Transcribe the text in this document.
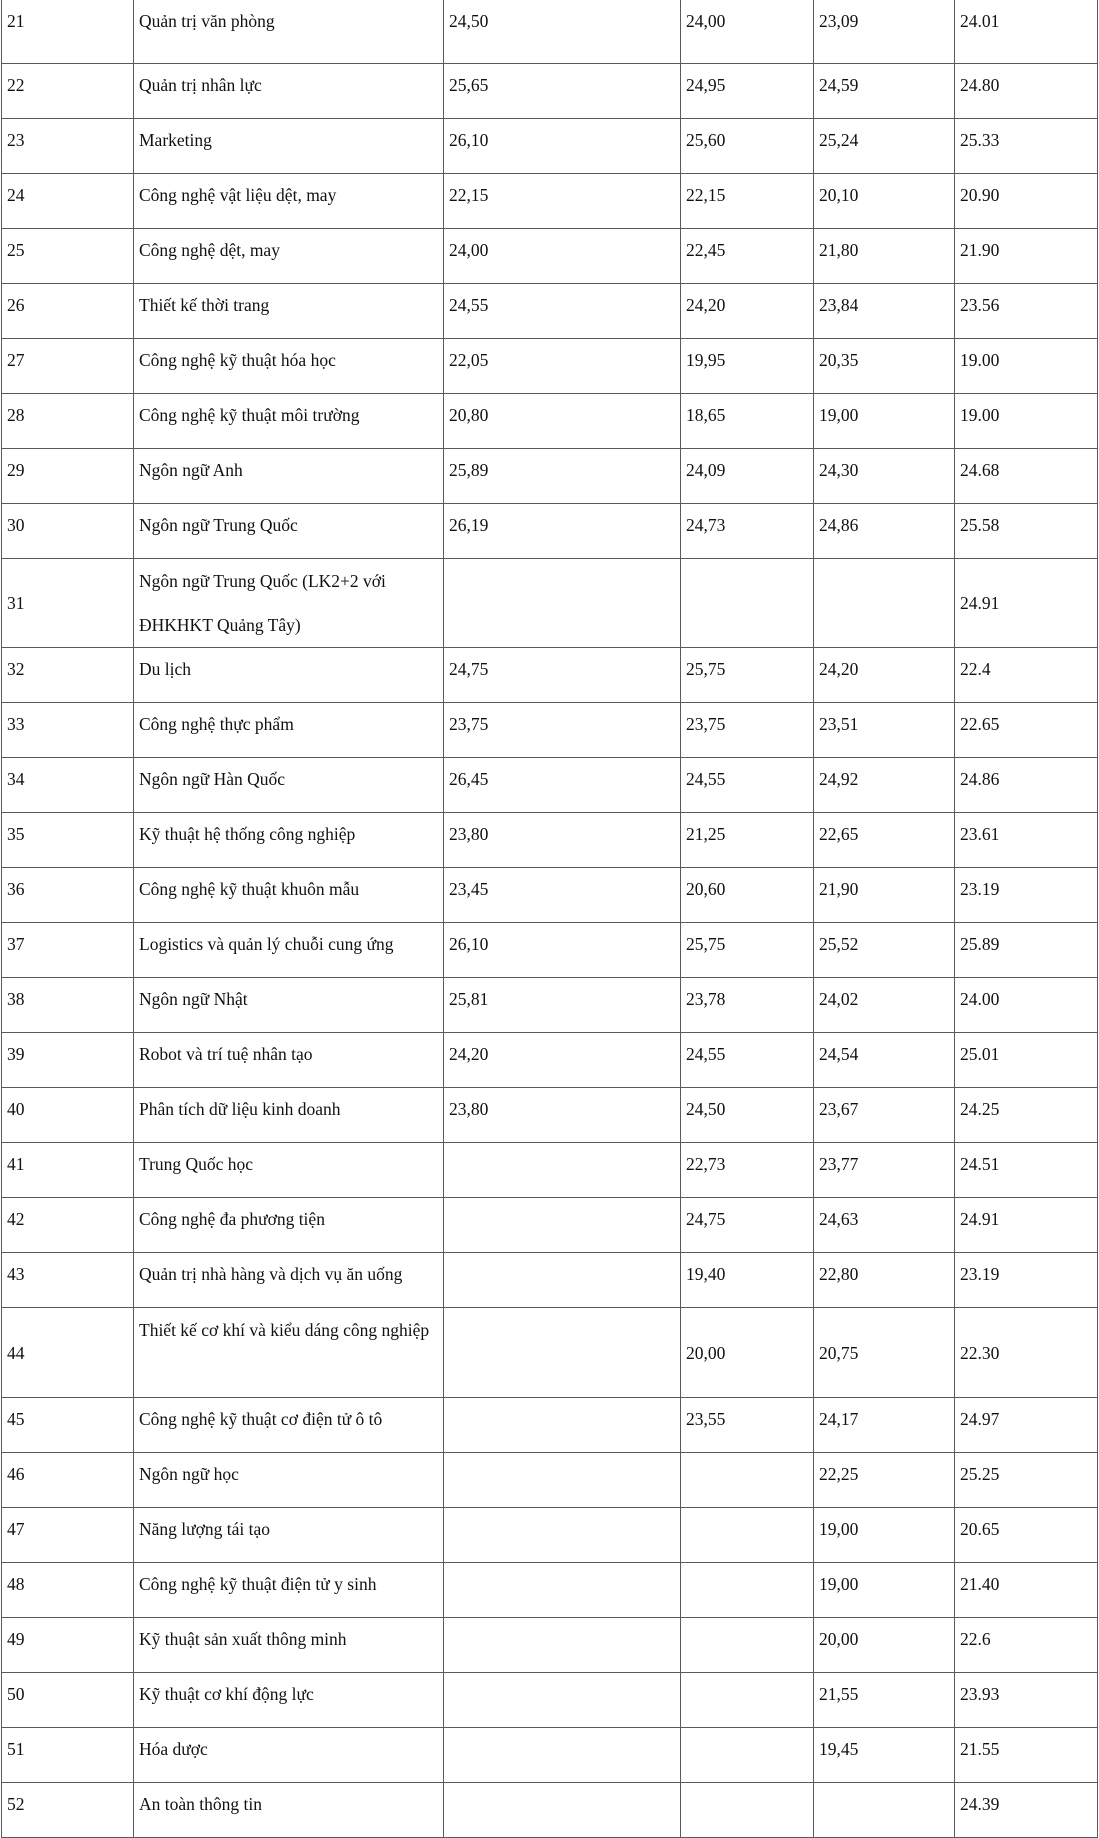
21	Quản trị văn phòng	24,50	24,00	23,09	24.01
22	Quản trị nhân lực	25,65	24,95	24,59	24.80
23	Marketing	26,10	25,60	25,24	25.33
24	Công nghệ vật liệu dệt, may	22,15	22,15	20,10	20.90
25	Công nghệ dệt, may	24,00	22,45	21,80	21.90
26	Thiết kế thời trang	24,55	24,20	23,84	23.56
27	Công nghệ kỹ thuật hóa học	22,05	19,95	20,35	19.00
28	Công nghệ kỹ thuật môi trường	20,80	18,65	19,00	19.00
29	Ngôn ngữ Anh	25,89	24,09	24,30	24.68
30	Ngôn ngữ Trung Quốc	26,19	24,73	24,86	25.58
31	Ngôn ngữ Trung Quốc (LK2+2 với ĐHKHKT Quảng Tây)				24.91
32	Du lịch	24,75	25,75	24,20	22.4
33	Công nghệ thực phẩm	23,75	23,75	23,51	22.65
34	Ngôn ngữ Hàn Quốc	26,45	24,55	24,92	24.86
35	Kỹ thuật hệ thống công nghiệp	23,80	21,25	22,65	23.61
36	Công nghệ kỹ thuật khuôn mẫu	23,45	20,60	21,90	23.19
37	Logistics và quản lý chuỗi cung ứng	26,10	25,75	25,52	25.89
38	Ngôn ngữ Nhật	25,81	23,78	24,02	24.00
39	Robot và trí tuệ nhân tạo	24,20	24,55	24,54	25.01
40	Phân tích dữ liệu kinh doanh	23,80	24,50	23,67	24.25
41	Trung Quốc học		22,73	23,77	24.51
42	Công nghệ đa phương tiện		24,75	24,63	24.91
43	Quản trị nhà hàng và dịch vụ ăn uống		19,40	22,80	23.19
44	Thiết kế cơ khí và kiểu dáng công nghiệp		20,00	20,75	22.30
45	Công nghệ kỹ thuật cơ điện tử ô tô		23,55	24,17	24.97
46	Ngôn ngữ học			22,25	25.25
47	Năng lượng tái tạo			19,00	20.65
48	Công nghệ kỹ thuật điện tử y sinh			19,00	21.40
49	Kỹ thuật sản xuất thông minh			20,00	22.6
50	Kỹ thuật cơ khí động lực			21,55	23.93
51	Hóa dược			19,45	21.55
52	An toàn thông tin				24.39
